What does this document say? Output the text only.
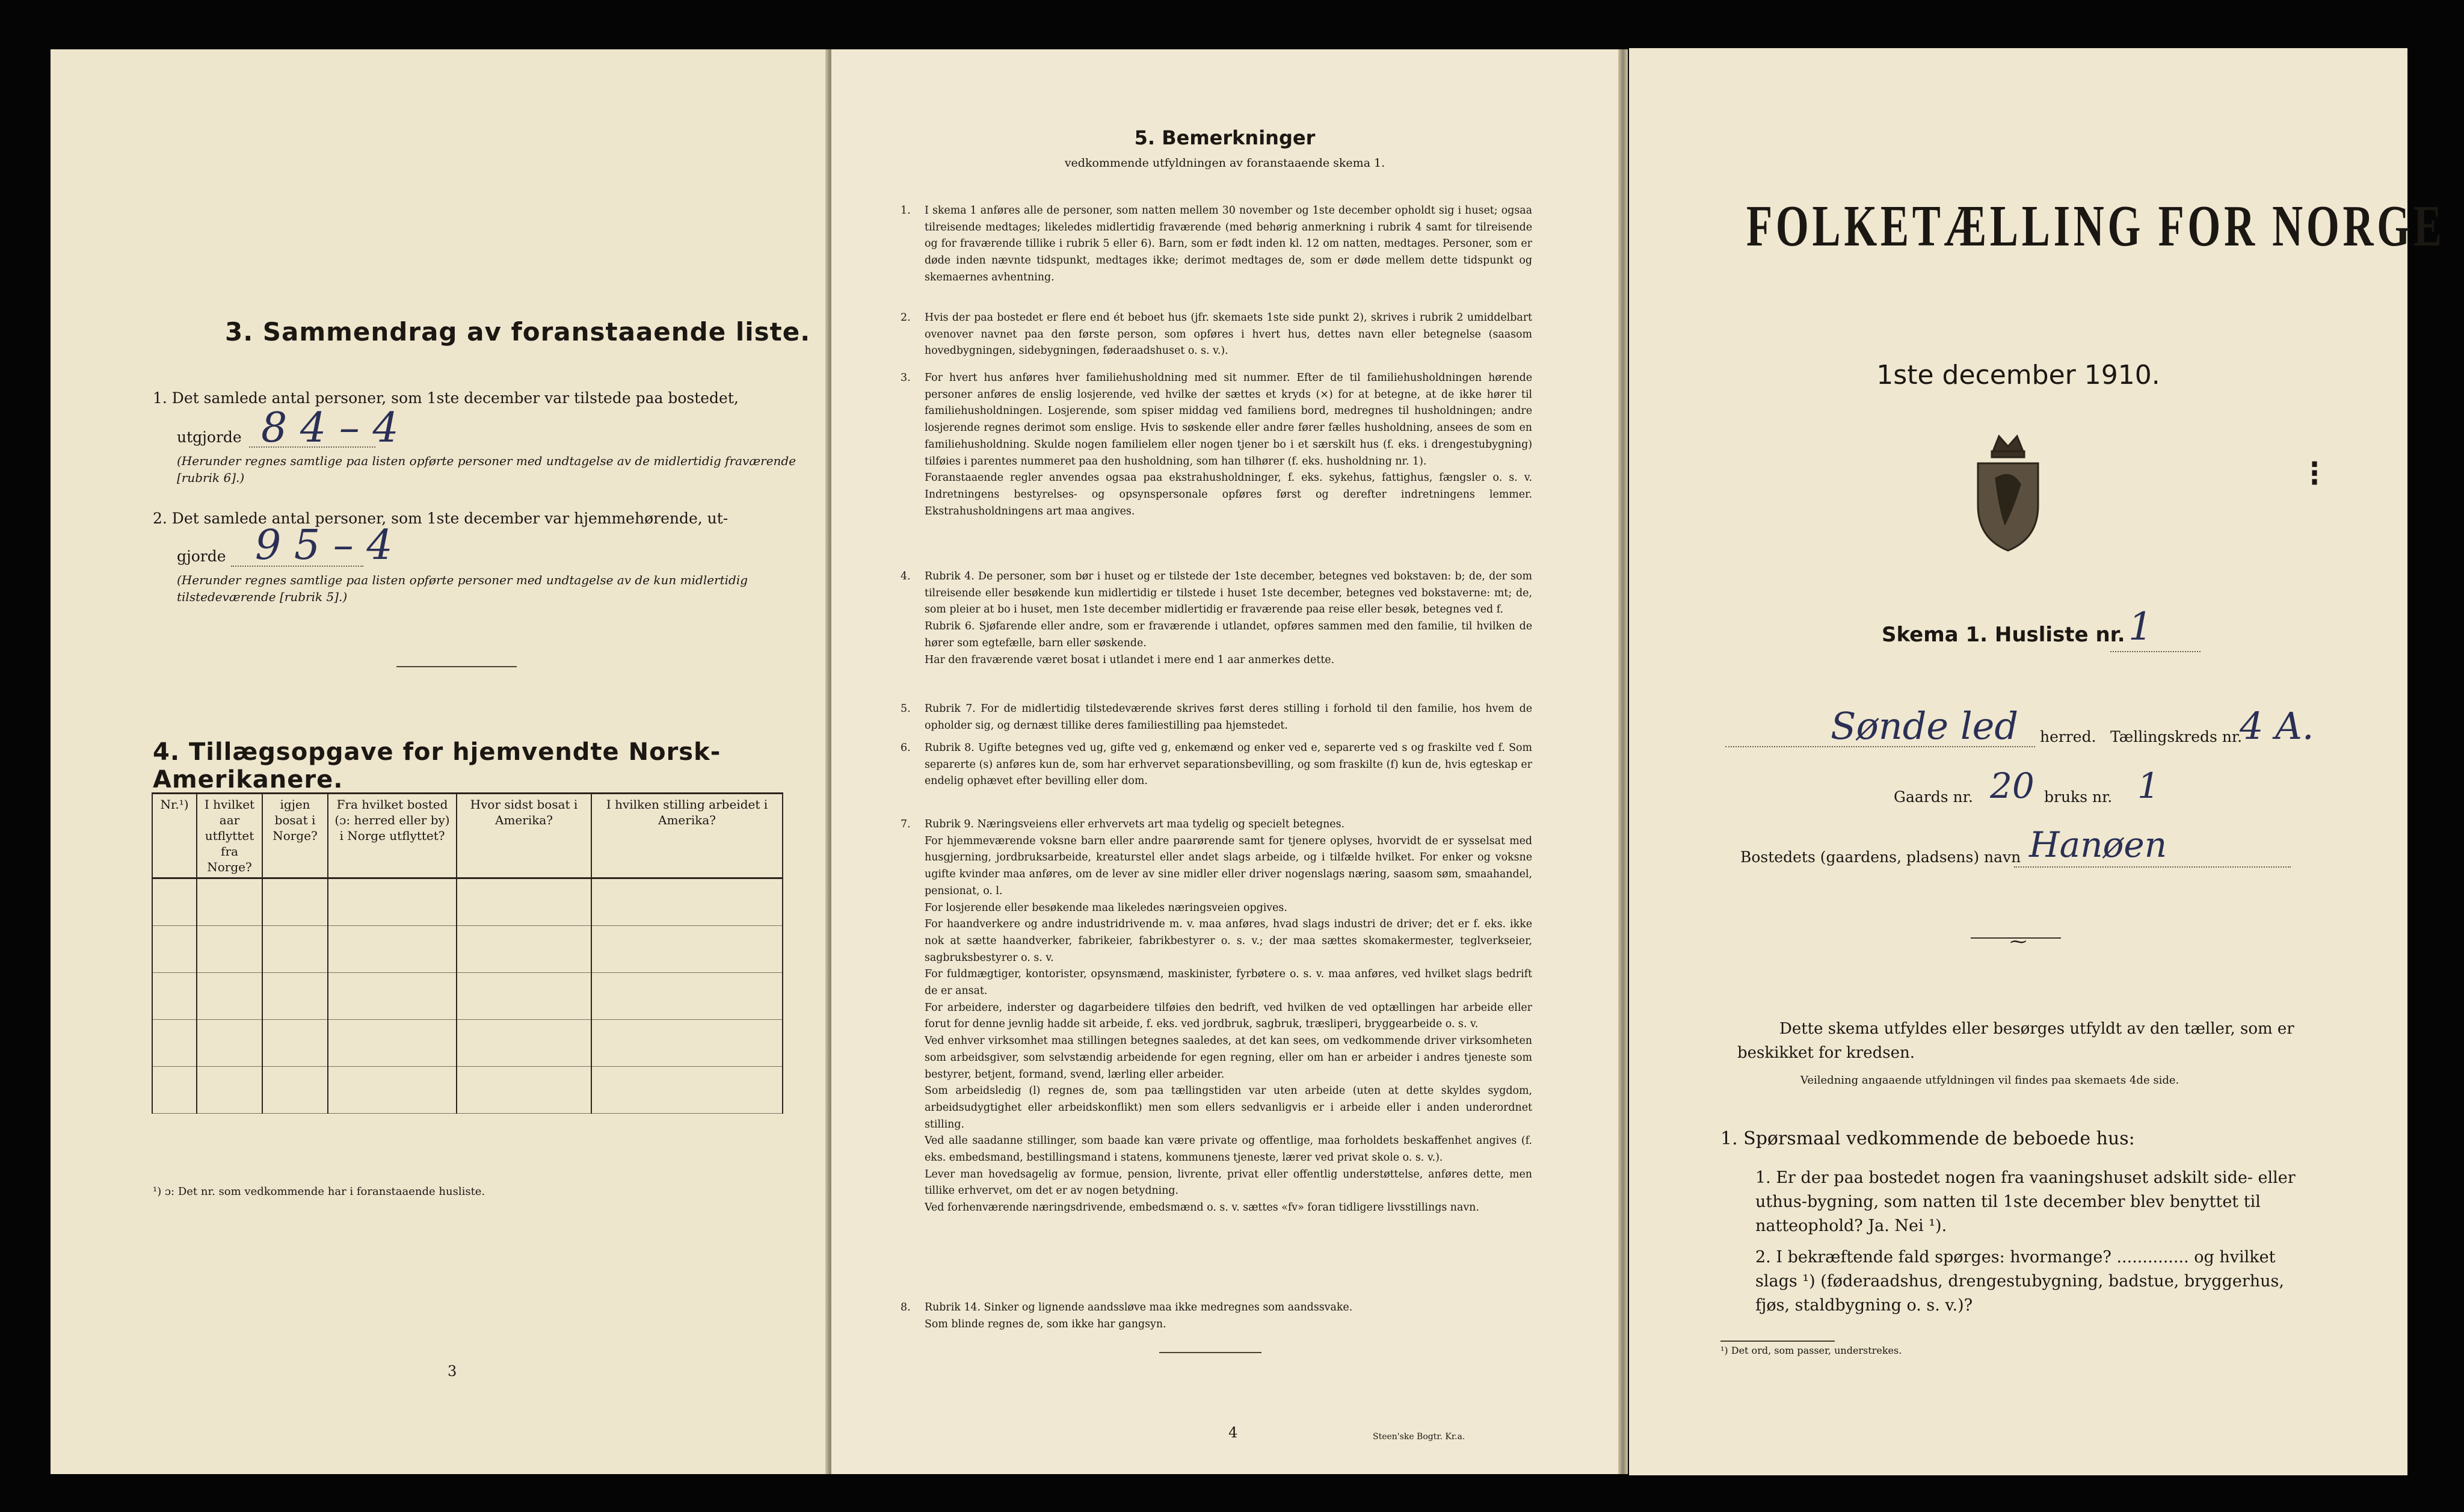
3. Sammendrag av foranstaaende liste.
1. Det samlede antal personer, som 1ste december var tilstede paa bostedet,
utgjorde 8 4 – 4
(Herunder regnes samtlige paa listen opførte personer med undtagelse av de midlertidig fraværende [rubrik 6].)
2. Det samlede antal personer, som 1ste december var hjemmehørende, ut-
gjorde 9 5 – 4
(Herunder regnes samtlige paa listen opførte personer med undtagelse av de kun midlertidig tilstedeværende [rubrik 5].)
4. Tillægsopgave for hjemvendte Norsk-Amerikanere.
Nr.¹)	I hvilket aar utflyttet fra Norge?	igjen bosat i Norge?	Fra hvilket bosted (ɔ: herred eller by) i Norge utflyttet?	Hvor sidst bosat i Amerika?	I hvilken stilling arbeidet i Amerika?

¹) ɔ: Det nr. som vedkommende har i foranstaaende husliste.
3
5. Bemerkninger
vedkommende utfyldningen av foranstaaende skema 1.
1. I skema 1 anføres alle de personer, som natten mellem 30 november og 1ste december opholdt sig i huset; ogsaa tilreisende medtages; likeledes midlertidig fraværende (med behørig anmerkning i rubrik 4 samt for tilreisende og for fraværende tillike i rubrik 5 eller 6). Barn, som er født inden kl. 12 om natten, medtages. Personer, som er døde inden nævnte tidspunkt, medtages ikke; derimot medtages de, som er døde mellem dette tidspunkt og skemaernes avhentning.
2. Hvis der paa bostedet er flere end ét beboet hus (jfr. skemaets 1ste side punkt 2), skrives i rubrik 2 umiddelbart ovenover navnet paa den første person, som opføres i hvert hus, dettes navn eller betegnelse (saasom hovedbygningen, sidebygningen, føderaadshuset o. s. v.).
3. For hvert hus anføres hver familiehusholdning med sit nummer. Efter de til familiehusholdningen hørende personer anføres de enslig losjerende, ved hvilke der sættes et kryds (×) for at betegne, at de ikke hører til familiehusholdningen. Losjerende, som spiser middag ved familiens bord, medregnes til husholdningen; andre losjerende regnes derimot som enslige. Hvis to søskende eller andre fører fælles husholdning, ansees de som en familiehusholdning. Skulde nogen familielem eller nogen tjener bo i et særskilt hus (f. eks. i drengestubygning) tilføies i parentes nummeret paa den husholdning, som han tilhører (f. eks. husholdning nr. 1).
Foranstaaende regler anvendes ogsaa paa ekstrahusholdninger, f. eks. sykehus, fattighus, fængsler o. s. v. Indretningens bestyrelses- og opsynspersonale opføres først og derefter indretningens lemmer. Ekstrahusholdningens art maa angives.
4. Rubrik 4. De personer, som bør i huset og er tilstede der 1ste december, betegnes ved bokstaven: b; de, der som tilreisende eller besøkende kun midlertidig er tilstede i huset 1ste december, betegnes ved bokstaverne: mt; de, som pleier at bo i huset, men 1ste december midlertidig er fraværende paa reise eller besøk, betegnes ved f.
Rubrik 6. Sjøfarende eller andre, som er fraværende i utlandet, opføres sammen med den familie, til hvilken de hører som egtefælle, barn eller søskende.
Har den fraværende været bosat i utlandet i mere end 1 aar anmerkes dette.
5. Rubrik 7. For de midlertidig tilstedeværende skrives først deres stilling i forhold til den familie, hos hvem de opholder sig, og dernæst tillike deres familiestilling paa hjemstedet.
6. Rubrik 8. Ugifte betegnes ved ug, gifte ved g, enkemænd og enker ved e, separerte ved s og fraskilte ved f. Som separerte (s) anføres kun de, som har erhvervet separationsbevilling, og som fraskilte (f) kun de, hvis egteskap er endelig ophævet efter bevilling eller dom.
7. Rubrik 9. Næringsveiens eller erhvervets art maa tydelig og specielt betegnes.
For hjemmeværende voksne barn eller andre paarørende samt for tjenere oplyses, hvorvidt de er sysselsat med husgjerning, jordbruksarbeide, kreaturstel eller andet slags arbeide, og i tilfælde hvilket. For enker og voksne ugifte kvinder maa anføres, om de lever av sine midler eller driver nogenslags næring, saasom søm, smaahandel, pensionat, o. l.
For losjerende eller besøkende maa likeledes næringsveien opgives.
For haandverkere og andre industridrivende m. v. maa anføres, hvad slags industri de driver; det er f. eks. ikke nok at sætte haandverker, fabrikeier, fabrikbestyrer o. s. v.; der maa sættes skomakermester, teglverkseier, sagbruksbestyrer o. s. v.
For fuldmægtiger, kontorister, opsynsmænd, maskinister, fyrbøtere o. s. v. maa anføres, ved hvilket slags bedrift de er ansat.
For arbeidere, inderster og dagarbeidere tilføies den bedrift, ved hvilken de ved optællingen har arbeide eller forut for denne jevnlig hadde sit arbeide, f. eks. ved jordbruk, sagbruk, træsliperi, bryggearbeide o. s. v.
Ved enhver virksomhet maa stillingen betegnes saaledes, at det kan sees, om vedkommende driver virksomheten som arbeidsgiver, som selvstændig arbeidende for egen regning, eller om han er arbeider i andres tjeneste som bestyrer, betjent, formand, svend, lærling eller arbeider.
Som arbeidsledig (l) regnes de, som paa tællingstiden var uten arbeide (uten at dette skyldes sygdom, arbeidsudygtighet eller arbeidskonflikt) men som ellers sedvanligvis er i arbeide eller i anden underordnet stilling.
Ved alle saadanne stillinger, som baade kan være private og offentlige, maa forholdets beskaffenhet angives (f. eks. embedsmand, bestillingsmand i statens, kommunens tjeneste, lærer ved privat skole o. s. v.).
Lever man hovedsagelig av formue, pension, livrente, privat eller offentlig understøttelse, anføres dette, men tillike erhvervet, om det er av nogen betydning.
Ved forhenværende næringsdrivende, embedsmænd o. s. v. sættes «fv» foran tidligere livsstillings navn.
8. Rubrik 14. Sinker og lignende aandssløve maa ikke medregnes som aandssvake.
Som blinde regnes de, som ikke har gangsyn.
4	Steen'ske Bogtr. Kr.a.
FOLKETÆLLING FOR NORGE
1ste december 1910.
⁝
Skema 1. Husliste nr. 1
Sønde led herred. Tællingskreds nr.
4 A.
Gaards nr. 20 bruks nr. 1
Bostedets (gaardens, pladsens) navn Hanøen
⁓
Dette skema utfyldes eller besørges utfyldt av den tæller, som er beskikket for kredsen.
Veiledning angaaende utfyldningen vil findes paa skemaets 4de side.
1. Spørsmaal vedkommende de beboede hus:
1. Er der paa bostedet nogen fra vaaningshuset adskilt side- eller uthus-bygning, som natten til 1ste december blev benyttet til natteophold? Ja. Nei ¹).
2. I bekræftende fald spørges: hvormange? .............. og hvilket slags ¹) (føderaadshus, drengestubygning, badstue, bryggerhus, fjøs, staldbygning o. s. v.)?
¹) Det ord, som passer, understrekes.
